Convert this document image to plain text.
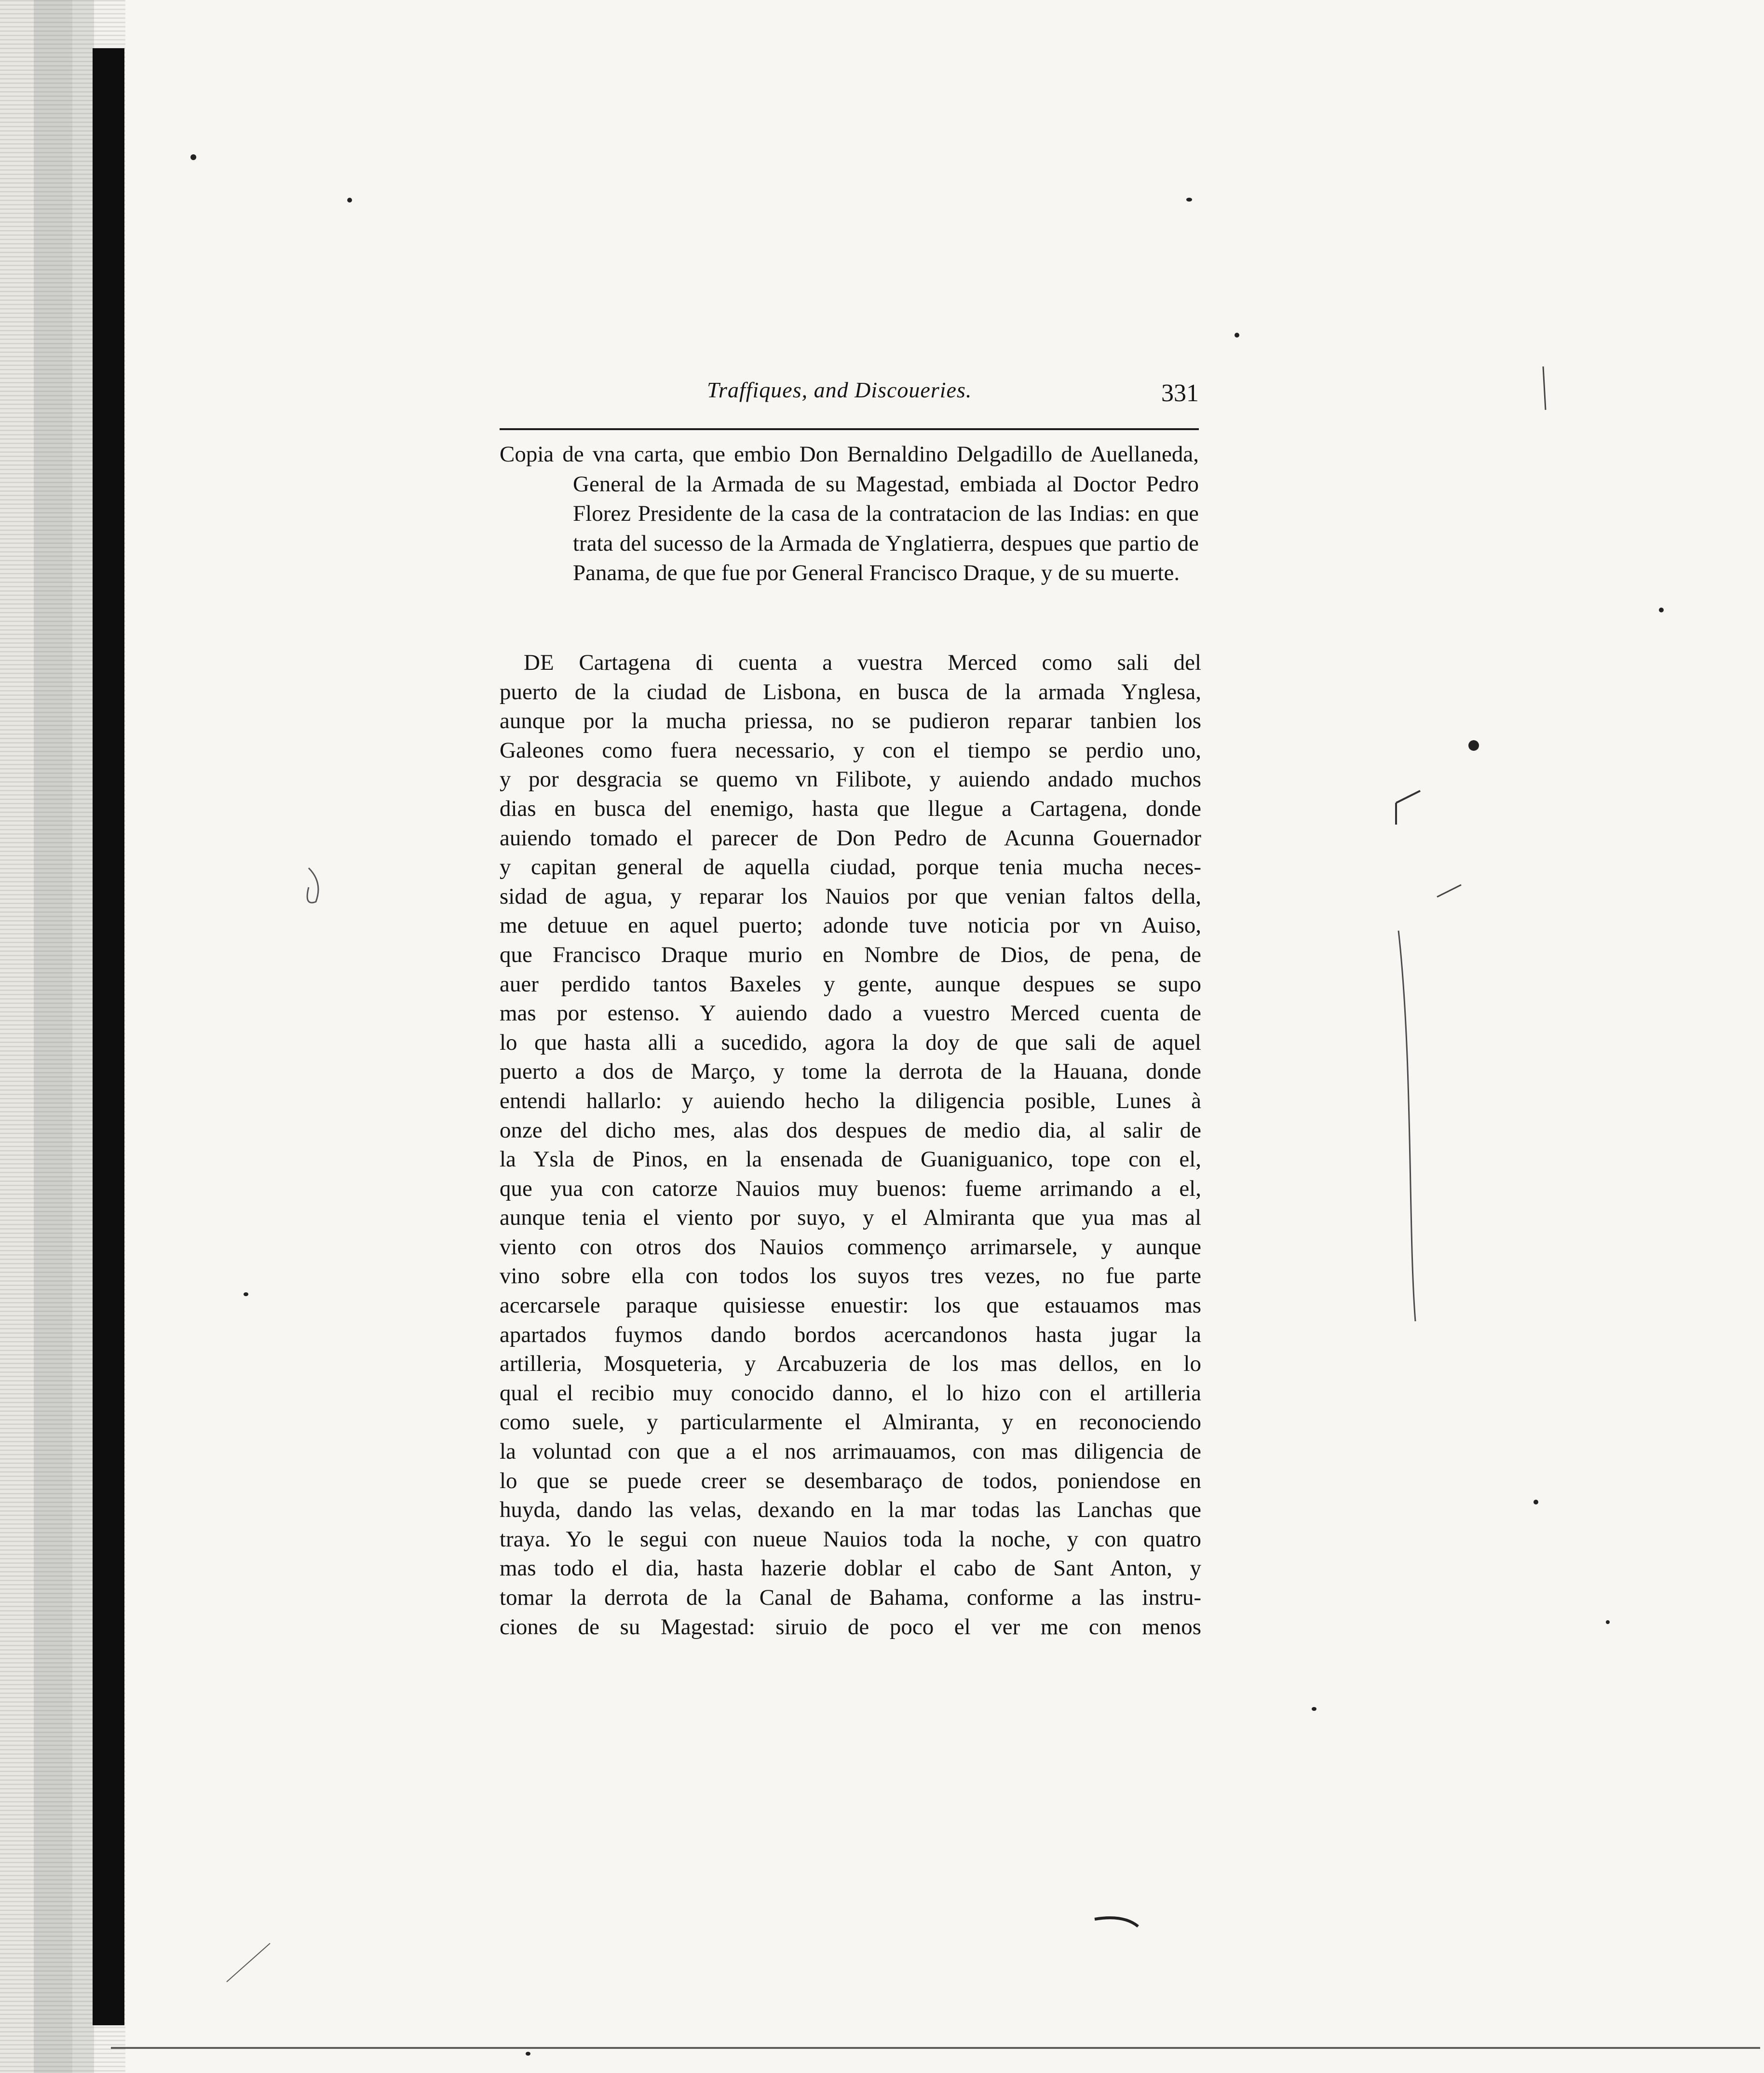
Traffiques, and Discoueries.	331
Copia de vna carta, que embio Don Bernaldino Delgadillo de Auellaneda, General de la Armada de su Magestad, embiada al Doctor Pedro Florez Presidente de la casa de la contratacion de las Indias: en que trata del sucesso de la Armada de Ynglatierra, despues que partio de Panama, de que fue por General Francisco Draque, y de su muerte.
DE Cartagena di cuenta a vuestra Merced como sali del
puerto de la ciudad de Lisbona, en busca de la armada Ynglesa,
aunque por la mucha priessa, no se pudieron reparar tanbien los
Galeones como fuera necessario, y con el tiempo se perdio uno,
y por desgracia se quemo vn Filibote, y auiendo andado muchos
dias en busca del enemigo, hasta que llegue a Cartagena, donde
auiendo tomado el parecer de Don Pedro de Acunna Gouernador
y capitan general de aquella ciudad, porque tenia mucha neces-
sidad de agua, y reparar los Nauios por que venian faltos della,
me detuue en aquel puerto; adonde tuve noticia por vn Auiso,
que Francisco Draque murio en Nombre de Dios, de pena, de
auer perdido tantos Baxeles y gente, aunque despues se supo
mas por estenso. Y auiendo dado a vuestro Merced cuenta de
lo que hasta alli a sucedido, agora la doy de que sali de aquel
puerto a dos de Março, y tome la derrota de la Hauana, donde
entendi hallarlo: y auiendo hecho la diligencia posible, Lunes à
onze del dicho mes, alas dos despues de medio dia, al salir de
la Ysla de Pinos, en la ensenada de Guaniguanico, tope con el,
que yua con catorze Nauios muy buenos: fueme arrimando a el,
aunque tenia el viento por suyo, y el Almiranta que yua mas al
viento con otros dos Nauios commenço arrimarsele, y aunque
vino sobre ella con todos los suyos tres vezes, no fue parte
acercarsele paraque quisiesse enuestir: los que estauamos mas
apartados fuymos dando bordos acercandonos hasta jugar la
artilleria, Mosqueteria, y Arcabuzeria de los mas dellos, en lo
qual el recibio muy conocido danno, el lo hizo con el artilleria
como suele, y particularmente el Almiranta, y en reconociendo
la voluntad con que a el nos arrimauamos, con mas diligencia de
lo que se puede creer se desembaraço de todos, poniendose en
huyda, dando las velas, dexando en la mar todas las Lanchas que
traya. Yo le segui con nueue Nauios toda la noche, y con quatro
mas todo el dia, hasta hazerie doblar el cabo de Sant Anton, y
tomar la derrota de la Canal de Bahama, conforme a las instru-
ciones de su Magestad: siruio de poco el ver me con menos
